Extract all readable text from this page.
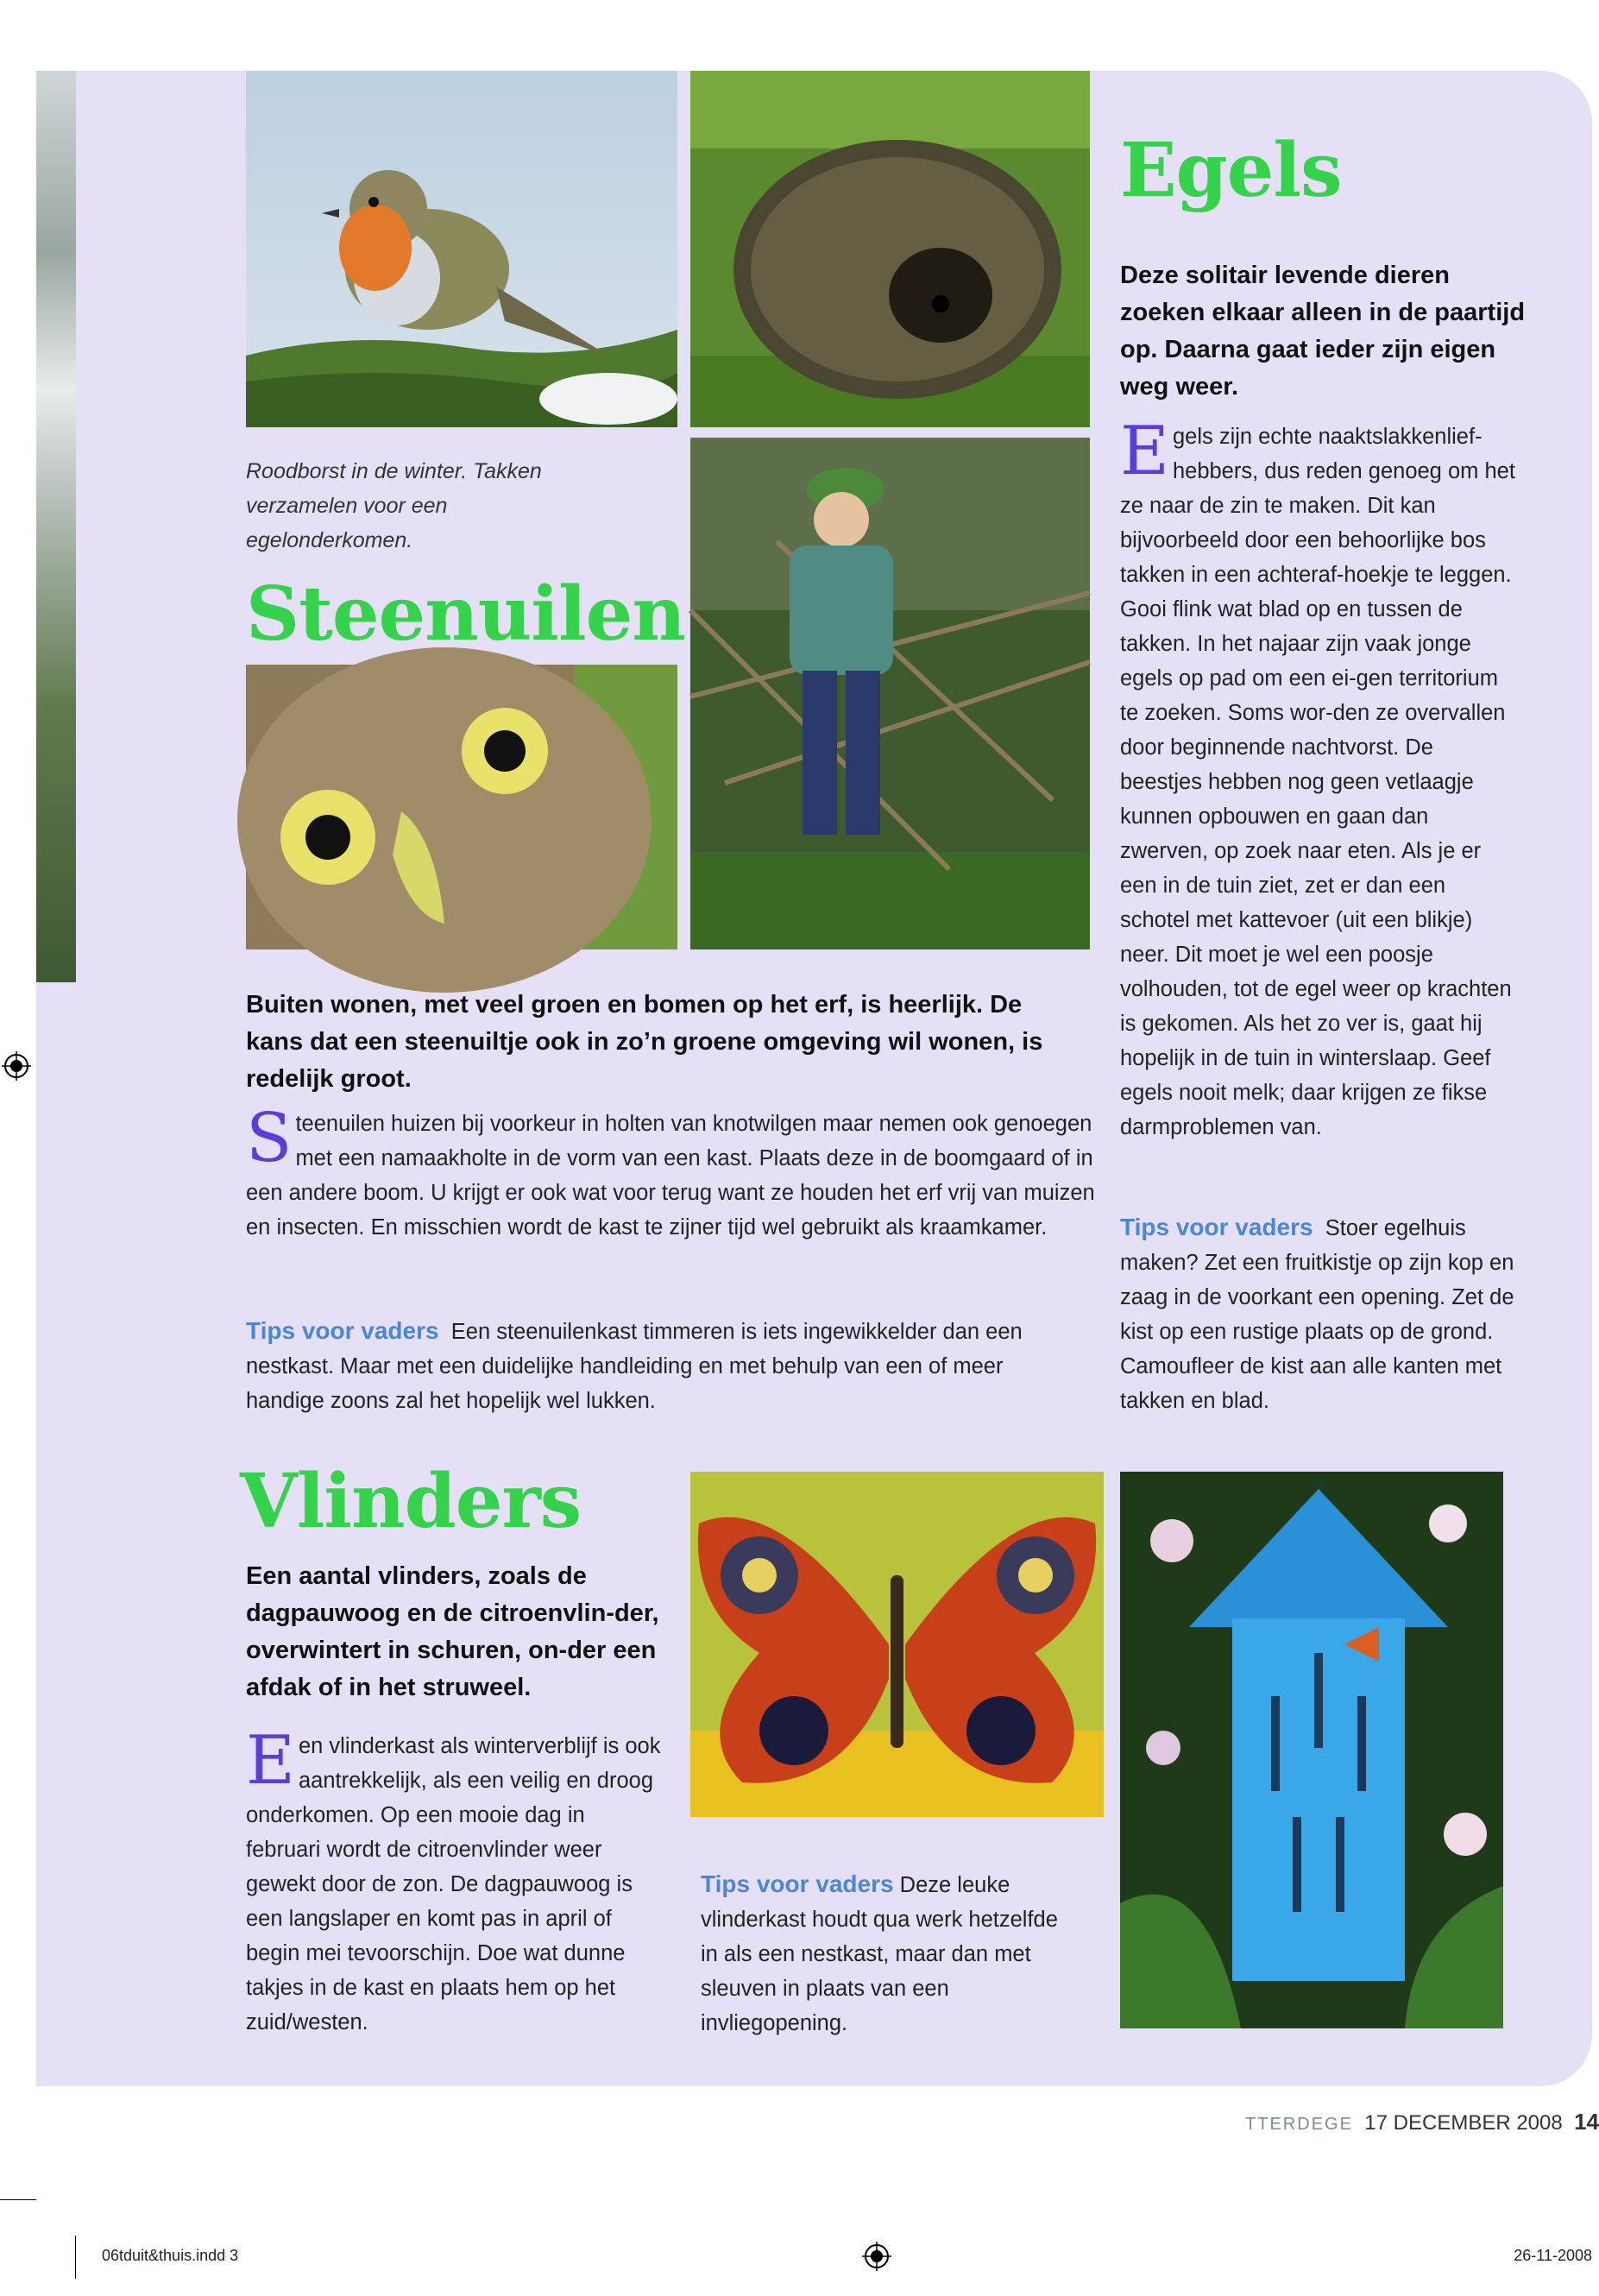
Egels

Deze solitair levende dieren zoeken elkaar alleen in de paartijd op. Daarna gaat ieder zijn eigen weg weer.

Egels zijn echte naaktslakkenlief-hebbers, dus reden genoeg om het ze naar de zin te maken. Dit kan bijvoorbeeld door een behoorlijke bos takken in een achteraf-hoekje te leggen. Gooi flink wat blad op en tussen de takken. In het najaar zijn vaak jonge egels op pad om een ei-gen territorium te zoeken. Soms wor-den ze overvallen door beginnende nachtvorst. De beestjes hebben nog geen vetlaagje kunnen opbouwen en gaan dan zwerven, op zoek naar eten. Als je er een in de tuin ziet, zet er dan een schotel met kattevoer (uit een blikje) neer. Dit moet je wel een poosje volhouden, tot de egel weer op krachten is gekomen. Als het zo ver is, gaat hij hopelijk in de tuin in winterslaap. Geef egels nooit melk; daar krijgen ze fikse darmproblemen van.

Tips voor vaders Stoer egelhuis maken? Zet een fruitkistje op zijn kop en zaag in de voorkant een opening. Zet de kist op een rustige plaats op de grond. Camoufleer de kist aan alle kanten met takken en blad.

Roodborst in de winter. Takken verzamelen voor een egelonderkomen.

Steenuilen

Buiten wonen, met veel groen en bomen op het erf, is heerlijk. De kans dat een steenuiltje ook in zo’n groene omgeving wil wonen, is redelijk groot.

Steenuilen huizen bij voorkeur in holten van knotwilgen maar nemen ook genoegen met een namaakholte in de vorm van een kast. Plaats deze in de boomgaard of in een andere boom. U krijgt er ook wat voor terug want ze houden het erf vrij van muizen en insecten. En misschien wordt de kast te zijner tijd wel gebruikt als kraamkamer.

Tips voor vaders Een steenuilenkast timmeren is iets ingewikkelder dan een nestkast. Maar met een duidelijke handleiding en met behulp van een of meer handige zoons zal het hopelijk wel lukken.

Vlinders

Een aantal vlinders, zoals de dagpauwoog en de citroenvlin-der, overwintert in schuren, on-der een afdak of in het struweel.

Een vlinderkast als winterverblijf is ook aantrekkelijk, als een veilig en droog onderkomen. Op een mooie dag in februari wordt de citroenvlinder weer gewekt door de zon. De dagpauwoog is een langslaper en komt pas in april of begin mei tevoorschijn. Doe wat dunne takjes in de kast en plaats hem op het zuid/westen.

Tips voor vaders Deze leuke vlinderkast houdt qua werk hetzelfde in als een nestkast, maar dan met sleuven in plaats van een invliegopening.

TTERDEGE 17 DECEMBER 2008 14
06tduit&thuis.indd 3	26-11-2008
